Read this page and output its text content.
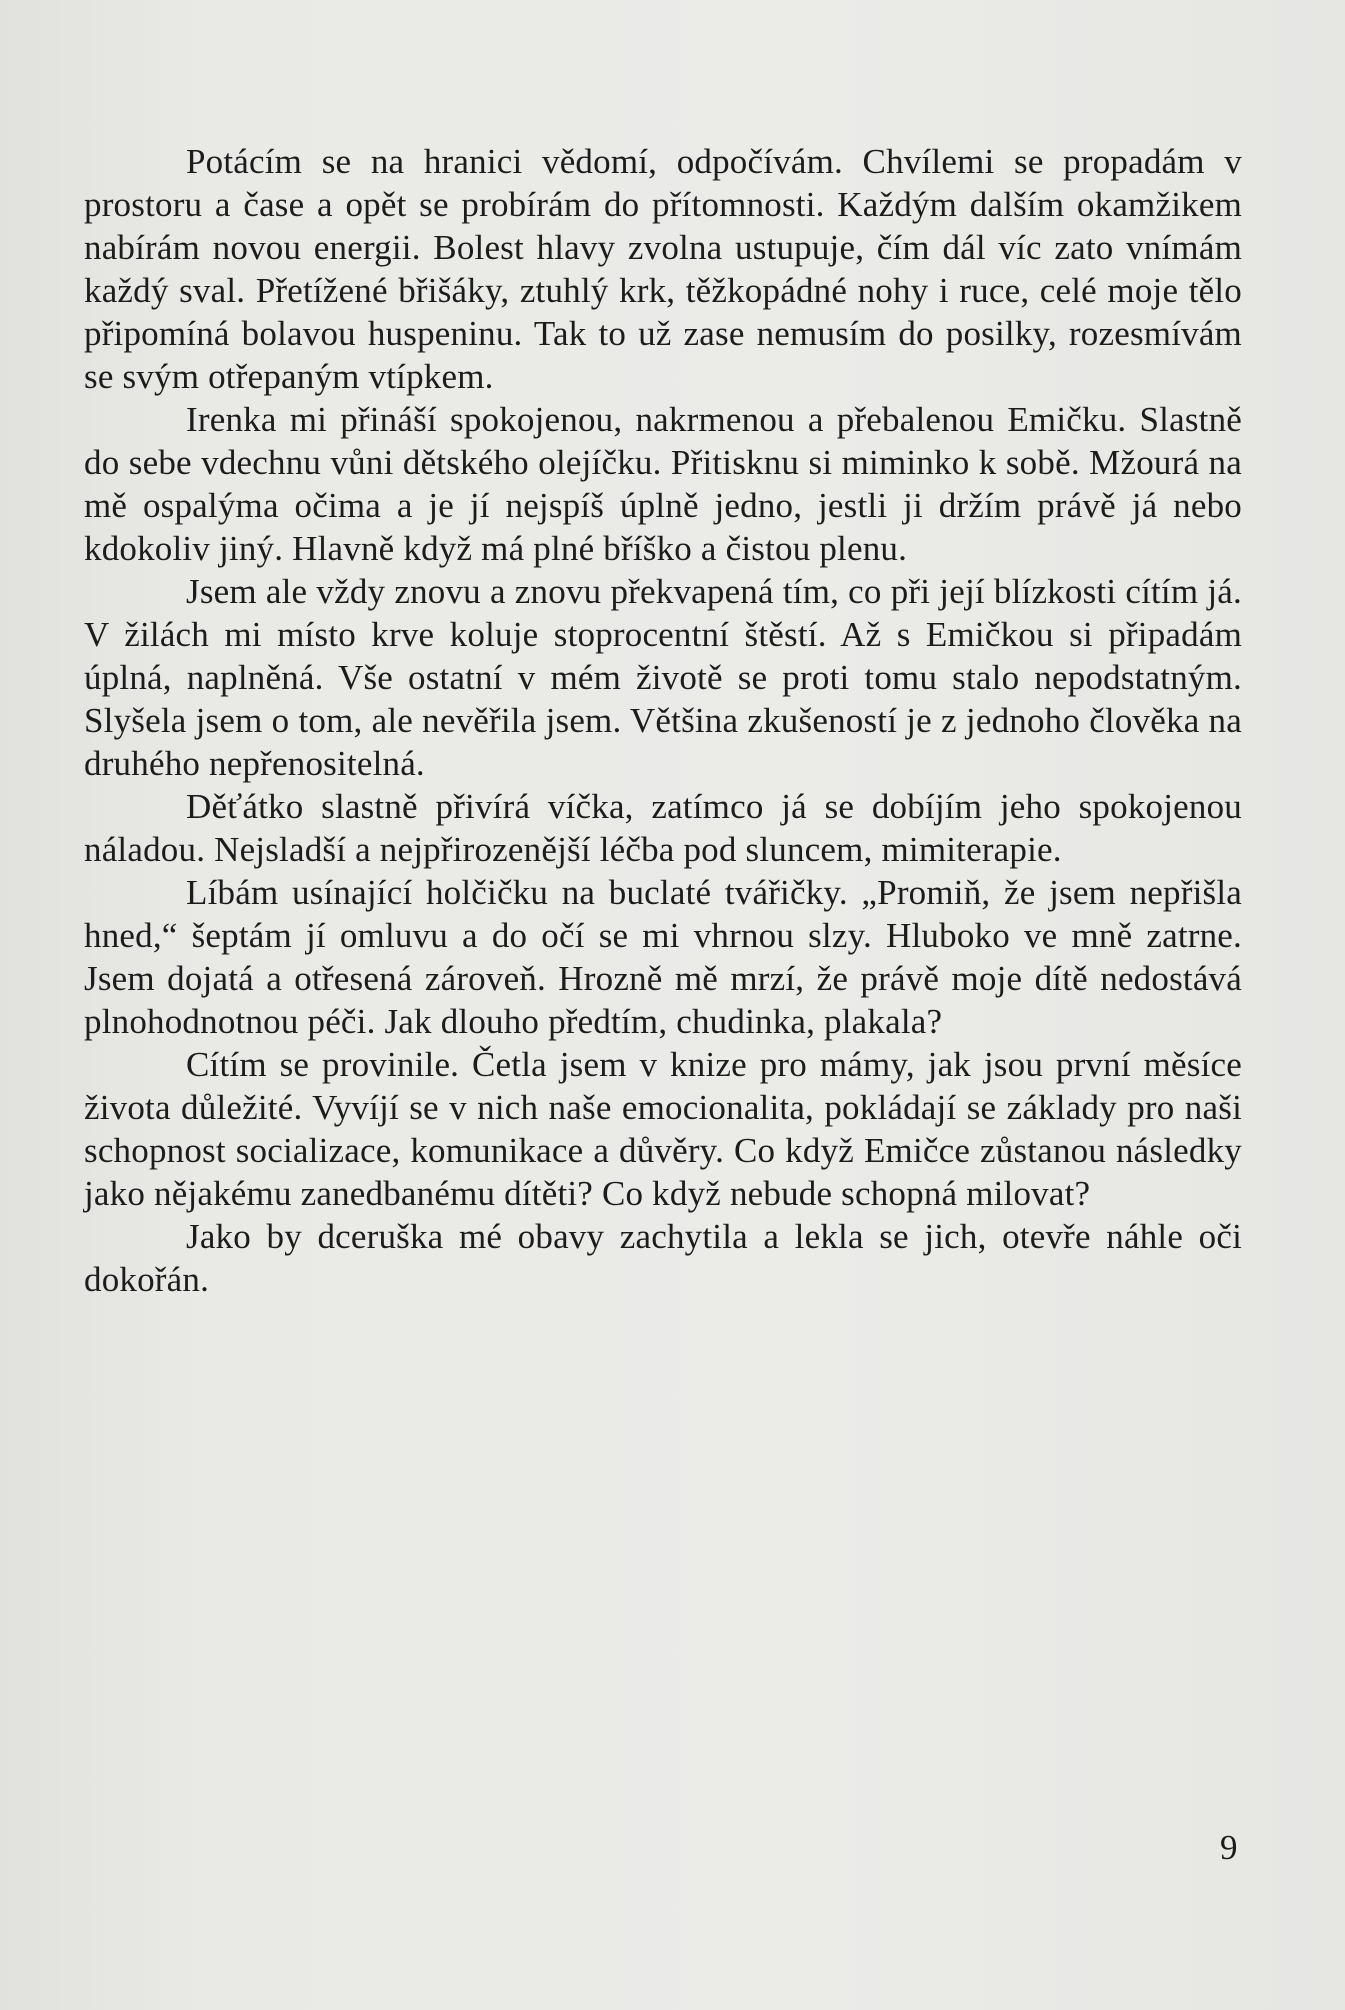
Potácím se na hranici vědomí, odpočívám. Chvílemi se propadám v prostoru a čase a opět se probírám do přítomnosti. Každým dalším okamžikem nabírám novou energii. Bolest hlavy zvolna ustupuje, čím dál víc zato vnímám každý sval. Přetížené břišáky, ztuhlý krk, těžkopádné nohy i ruce, celé moje tělo připomíná bolavou huspeninu. Tak to už zase nemusím do posilky, rozesmívám se svým otřepaným vtípkem.

Irenka mi přináší spokojenou, nakrmenou a přebalenou Emičku. Slastně do sebe vdechnu vůni dětského olejíčku. Přitisknu si miminko k sobě. Mžourá na mě ospalýma očima a je jí nejspíš úplně jedno, jestli ji držím právě já nebo kdokoliv jiný. Hlavně když má plné bříško a čistou plenu.

Jsem ale vždy znovu a znovu překvapená tím, co při její blízkosti cítím já. V žilách mi místo krve koluje stoprocentní štěstí. Až s Emičkou si připadám úplná, naplněná. Vše ostatní v mém životě se proti tomu stalo nepodstatným. Slyšela jsem o tom, ale nevěřila jsem. Většina zkušeností je z jednoho člověka na druhého nepřenositelná.

Děťátko slastně přivírá víčka, zatímco já se dobíjím jeho spokojenou náladou. Nejsladší a nejpřirozenější léčba pod sluncem, mimiterapie.

Líbám usínající holčičku na buclaté tvářičky. „Promiň, že jsem nepřišla hned,“ šeptám jí omluvu a do očí se mi vhrnou slzy. Hluboko ve mně zatrne. Jsem dojatá a otřesená zároveň. Hrozně mě mrzí, že právě moje dítě nedostává plnohodnotnou péči. Jak dlouho předtím, chudinka, plakala?

Cítím se provinile. Četla jsem v knize pro mámy, jak jsou první měsíce života důležité. Vyvíjí se v nich naše emocionalita, pokládají se základy pro naši schopnost socializace, komunikace a důvěry. Co když Emičce zůstanou následky jako nějakému zanedbanému dítěti? Co když nebude schopná milovat?

Jako by dceruška mé obavy zachytila a lekla se jich, otevře náhle oči dokořán.

9
